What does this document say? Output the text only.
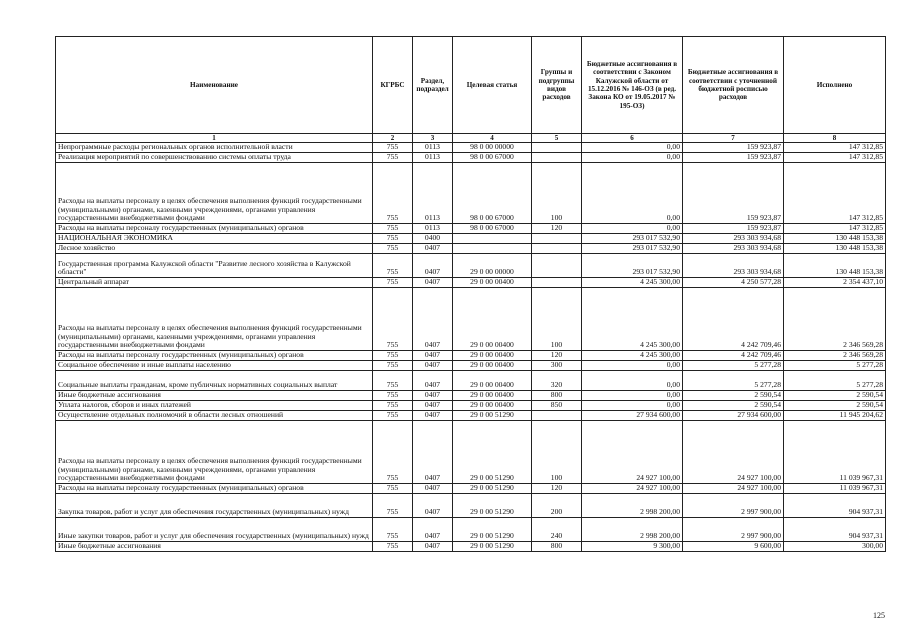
Наименование	КГРБС	Раздел, подраздел	Целевая статья	Группы и подгруппы видов расходов	Бюджетные ассигнования в соответствии с Законом Калужской области от 15.12.2016 № 146-ОЗ (в ред. Закона КО от 19.05.2017 № 195-ОЗ)	Бюджетные ассигнования в соответствии с уточненной бюджетной росписью расходов	Исполнено
1	2	3	4	5	6	7	8
Непрограммные расходы региональных органов исполнительной власти	755	0113	98 0 00 00000		0,00	159 923,87	147 312,85
Реализация мероприятий по совершенствованию системы оплаты труда	755	0113	98 0 00 67000		0,00	159 923,87	147 312,85
Расходы на выплаты персоналу в целях обеспечения выполнения функций государственными (муниципальными) органами, казенными учреждениями, органами управления государственными внебюджетными фондами	755	0113	98 0 00 67000	100	0,00	159 923,87	147 312,85
Расходы на выплаты персоналу государственных (муниципальных) органов	755	0113	98 0 00 67000	120	0,00	159 923,87	147 312,85
НАЦИОНАЛЬНАЯ ЭКОНОМИКА	755	0400			293 017 532,90	293 303 934,68	130 448 153,38
Лесное хозяйство	755	0407			293 017 532,90	293 303 934,68	130 448 153,38
Государственная программа Калужской области "Развитие лесного хозяйства в Калужской области"	755	0407	29 0 00 00000		293 017 532,90	293 303 934,68	130 448 153,38
Центральный аппарат	755	0407	29 0 00 00400		4 245 300,00	4 250 577,28	2 354 437,10
Расходы на выплаты персоналу в целях обеспечения выполнения функций государственными (муниципальными) органами, казенными учреждениями, органами управления государственными внебюджетными фондами	755	0407	29 0 00 00400	100	4 245 300,00	4 242 709,46	2 346 569,28
Расходы на выплаты персоналу государственных (муниципальных) органов	755	0407	29 0 00 00400	120	4 245 300,00	4 242 709,46	2 346 569,28
Социальное обеспечение и иные выплаты населению	755	0407	29 0 00 00400	300	0,00	5 277,28	5 277,28
Социальные выплаты гражданам, кроме публичных нормативных социальных выплат	755	0407	29 0 00 00400	320	0,00	5 277,28	5 277,28
Иные бюджетные ассигнования	755	0407	29 0 00 00400	800	0,00	2 590,54	2 590,54
Уплата налогов, сборов и иных платежей	755	0407	29 0 00 00400	850	0,00	2 590,54	2 590,54
Осуществление отдельных полномочий в области лесных отношений	755	0407	29 0 00 51290		27 934 600,00	27 934 600,00	11 945 204,62
Расходы на выплаты персоналу в целях обеспечения выполнения функций государственными (муниципальными) органами, казенными учреждениями, органами управления государственными внебюджетными фондами	755	0407	29 0 00 51290	100	24 927 100,00	24 927 100,00	11 039 967,31
Расходы на выплаты персоналу государственных (муниципальных) органов	755	0407	29 0 00 51290	120	24 927 100,00	24 927 100,00	11 039 967,31
Закупка товаров, работ и услуг для обеспечения государственных (муниципальных) нужд	755	0407	29 0 00 51290	200	2 998 200,00	2 997 900,00	904 937,31
Иные закупки товаров, работ и услуг для обеспечения государственных (муниципальных) нужд	755	0407	29 0 00 51290	240	2 998 200,00	2 997 900,00	904 937,31
Иные бюджетные ассигнования	755	0407	29 0 00 51290	800	9 300,00	9 600,00	300,00
125
